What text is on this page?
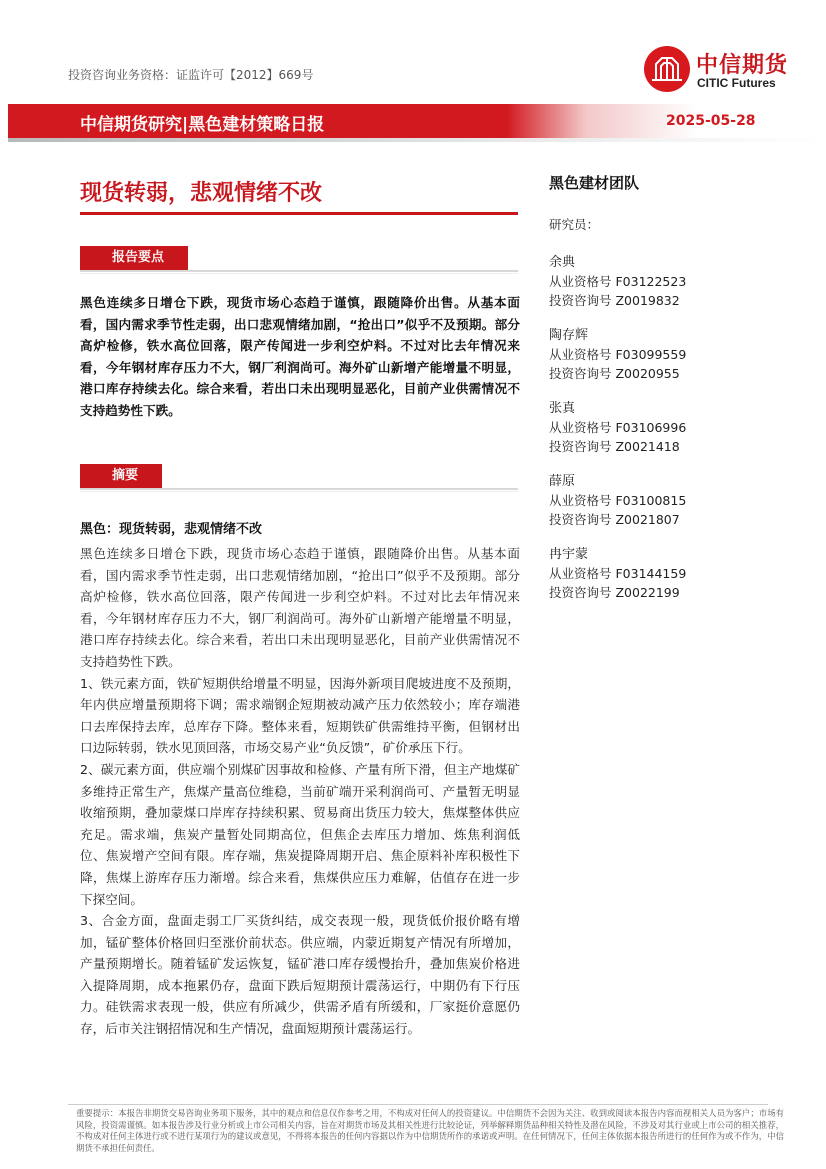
投资咨询业务资格：证监许可【2012】669号	中信期货
CITIC Futures
中信期货研究|黑色建材策略日报	2025-05-28
现货转弱，悲观情绪不改
报告要点
黑色连续多日增仓下跌，现货市场心态趋于谨慎，跟随降价出售。从基本面看，国内需求季节性走弱，出口悲观情绪加剧，“抢出口”似乎不及预期。部分高炉检修，铁水高位回落，限产传闻进一步利空炉料。不过对比去年情况来看，今年钢材库存压力不大，钢厂利润尚可。海外矿山新增产能增量不明显，港口库存持续去化。综合来看，若出口未出现明显恶化，目前产业供需情况不支持趋势性下跌。
摘要
黑色：现货转弱，悲观情绪不改

黑色连续多日增仓下跌，现货市场心态趋于谨慎，跟随降价出售。从基本面看，国内需求季节性走弱，出口悲观情绪加剧，“抢出口”似乎不及预期。部分高炉检修，铁水高位回落，限产传闻进一步利空炉料。不过对比去年情况来看，今年钢材库存压力不大，钢厂利润尚可。海外矿山新增产能增量不明显，港口库存持续去化。综合来看，若出口未出现明显恶化，目前产业供需情况不支持趋势性下跌。

1、铁元素方面，铁矿短期供给增量不明显，因海外新项目爬坡进度不及预期，年内供应增量预期将下调；需求端钢企短期被动减产压力依然较小；库存端港口去库保持去库，总库存下降。整体来看，短期铁矿供需维持平衡，但钢材出口边际转弱，铁水见顶回落，市场交易产业“负反馈”，矿价承压下行。

2、碳元素方面，供应端个别煤矿因事故和检修、产量有所下滑，但主产地煤矿多维持正常生产，焦煤产量高位维稳，当前矿端开采利润尚可、产量暂无明显收缩预期，叠加蒙煤口岸库存持续积累、贸易商出货压力较大，焦煤整体供应充足。需求端，焦炭产量暂处同期高位，但焦企去库压力增加、炼焦利润低位、焦炭增产空间有限。库存端，焦炭提降周期开启、焦企原料补库积极性下降，焦煤上游库存压力渐增。综合来看，焦煤供应压力难解，估值存在进一步下探空间。

3、合金方面，盘面走弱工厂买货纠结，成交表现一般，现货低价报价略有增加，锰矿整体价格回归至涨价前状态。供应端，内蒙近期复产情况有所增加，产量预期增长。随着锰矿发运恢复，锰矿港口库存缓慢抬升，叠加焦炭价格进入提降周期，成本拖累仍存，盘面下跌后短期预计震荡运行，中期仍有下行压力。硅铁需求表现一般，供应有所减少，供需矛盾有所缓和，厂家挺价意愿仍存，后市关注钢招情况和生产情况，盘面短期预计震荡运行。

黑色建材团队
研究员：
余典
从业资格号 F03122523
投资咨询号 Z0019832
陶存辉
从业资格号 F03099559
投资咨询号 Z0020955
张真
从业资格号 F03106996
投资咨询号 Z0021418
薛原
从业资格号 F03100815
投资咨询号 Z0021807
冉宇蒙
从业资格号 F03144159
投资咨询号 Z0022199
重要提示：本报告非期货交易咨询业务项下服务，其中的观点和信息仅作参考之用，不构成对任何人的投资建议。中信期货不会因为关注、收到或阅读本报告内容而视相关人员为客户；市场有风险，投资需谨慎。如本报告涉及行业分析或上市公司相关内容，旨在对期货市场及其相关性进行比较论证，列举解释期货品种相关特性及潜在风险，不涉及对其行业或上市公司的相关推荐，不构成对任何主体进行或不进行某项行为的建议或意见，不得将本报告的任何内容据以作为中信期货所作的承诺或声明。在任何情况下，任何主体依据本报告所进行的任何作为或不作为，中信期货不承担任何责任。
